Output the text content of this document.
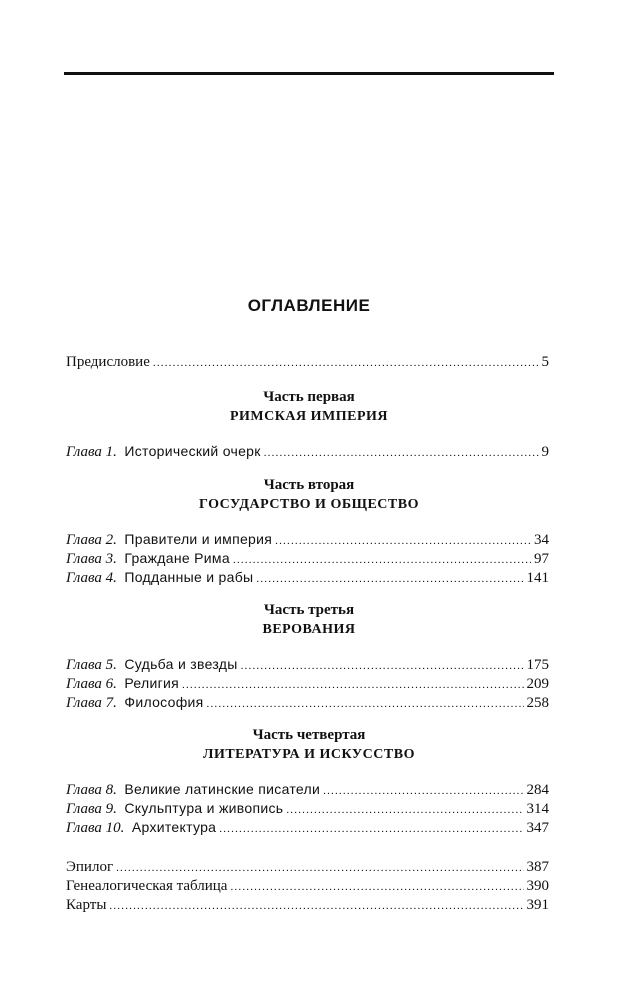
ОГЛАВЛЕНИЕ
Предисловие .....	5
Часть первая
РИМСКАЯ ИМПЕРИЯ
Глава 1. Исторический очерк .....	9
Часть вторая
ГОСУДАРСТВО И ОБЩЕСТВО
Глава 2. Правители и империя .....	34
Глава 3. Граждане Рима .....	97
Глава 4. Подданные и рабы .....	141
Часть третья
ВЕРОВАНИЯ
Глава 5. Судьба и звезды .....	175
Глава 6. Религия .....	209
Глава 7. Философия .....	258
Часть четвертая
ЛИТЕРАТУРА И ИСКУССТВО
Глава 8. Великие латинские писатели .....	284
Глава 9. Скульптура и живопись .....	314
Глава 10. Архитектура .....	347
Эпилог .....	387
Генеалогическая таблица .....	390
Карты .....	391
